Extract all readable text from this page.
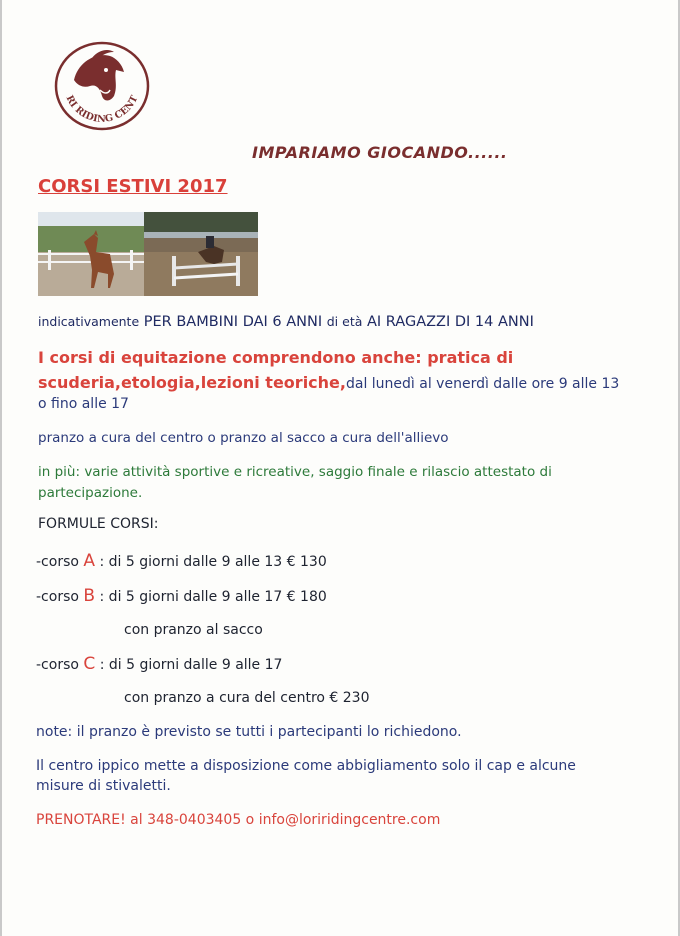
RI RIDING CENT
IMPARIAMO GIOCANDO......
CORSI ESTIVI 2017
indicativamente PER BAMBINI DAI 6 ANNI di età AI RAGAZZI DI 14 ANNI
I corsi di equitazione comprendono anche: pratica di
scuderia,etologia,lezioni teoriche,dal lunedì al venerdì dalle ore 9 alle 13
o fino alle 17
pranzo a cura del centro o pranzo al sacco a cura dell'allievo
in più: varie attività sportive e ricreative, saggio finale e rilascio attestato di
partecipazione.
FORMULE CORSI:
-corso A : di 5 giorni dalle 9 alle 13 € 130
-corso B : di 5 giorni dalle 9 alle 17 € 180
con pranzo al sacco
-corso C : di 5 giorni dalle 9 alle 17
con pranzo a cura del centro € 230
note: il pranzo è previsto se tutti i partecipanti lo richiedono.
Il centro ippico mette a disposizione come abbigliamento solo il cap e alcune
misure di stivaletti.
PRENOTARE! al 348-0403405 o info@loriridingcentre.com
